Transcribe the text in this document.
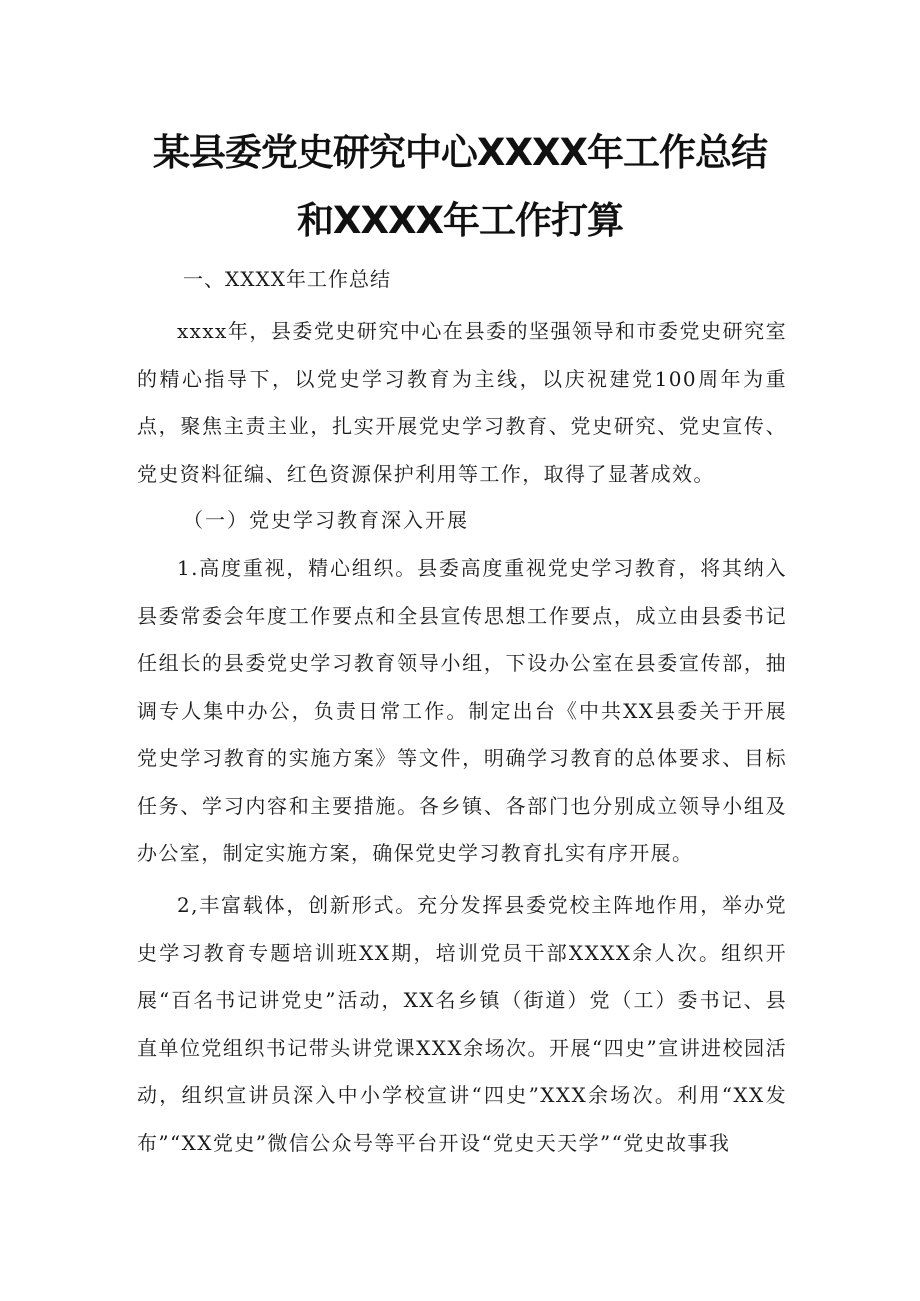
某县委党史研究中心XXXX年工作总结
和XXXX年工作打算
一、XXXX年工作总结

xxxx年，县委党史研究中心在县委的坚强领导和市委党史研究室的精心指导下，以党史学习教育为主线，以庆祝建党100周年为重点，聚焦主责主业，扎实开展党史学习教育、党史研究、党史宣传、党史资料征编、红色资源保护利用等工作，取得了显著成效。

（一）党史学习教育深入开展

1.高度重视，精心组织。县委高度重视党史学习教育，将其纳入县委常委会年度工作要点和全县宣传思想工作要点，成立由县委书记任组长的县委党史学习教育领导小组，下设办公室在县委宣传部，抽调专人集中办公，负责日常工作。制定出台《中共XX县委关于开展党史学习教育的实施方案》等文件，明确学习教育的总体要求、目标任务、学习内容和主要措施。各乡镇、各部门也分别成立领导小组及办公室，制定实施方案，确保党史学习教育扎实有序开展。

2,丰富载体，创新形式。充分发挥县委党校主阵地作用，举办党史学习教育专题培训班XX期，培训党员干部XXXX余人次。组织开展“百名书记讲党史”活动，XX名乡镇（街道）党（工）委书记、县直单位党组织书记带头讲党课XXX余场次。开展“四史”宣讲进校园活动，组织宣讲员深入中小学校宣讲“四史”XXX余场次。利用“XX发布”“XX党史”微信公众号等平台开设“党史天天学”“党史故事我
